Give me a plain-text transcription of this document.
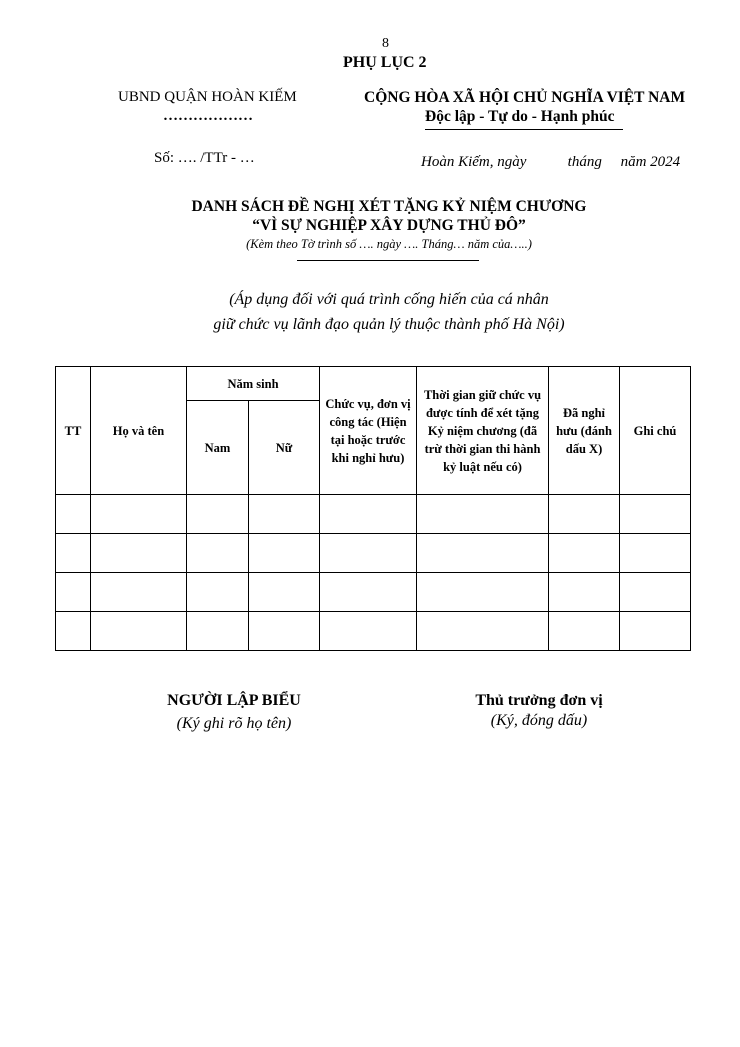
8
PHỤ LỤC 2
UBND QUẬN HOÀN KIẾM
………………
CỘNG HÒA XÃ HỘI CHỦ NGHĨA VIỆT NAM
Độc lập - Tự do - Hạnh phúc
Số: …. /TTr - …	Hoàn Kiếm, ngày           tháng     năm 2024
DANH SÁCH ĐỀ NGHỊ XÉT TẶNG KỶ NIỆM CHƯƠNG
“VÌ SỰ NGHIỆP XÂY DỰNG THỦ ĐÔ”
(Kèm theo Tờ trình số …. ngày …. Tháng… năm của…..)
(Áp dụng đối với quá trình cống hiến của cá nhân
giữ chức vụ lãnh đạo quản lý thuộc thành phố Hà Nội)
TT	Họ và tên	Năm sinh		Chức vụ, đơn vị công tác (Hiện tại hoặc trước khi nghỉ hưu)	Thời gian giữ chức vụ được tính để xét tặng Kỷ niệm chương (đã trừ thời gian thi hành kỷ luật nếu có)	Đã nghỉ hưu (đánh dấu X)	Ghi chú
		Nam	Nữ				

NGƯỜI LẬP BIỂU
(Ký ghi rõ họ tên)
Thủ trưởng đơn vị
(Ký, đóng dấu)
